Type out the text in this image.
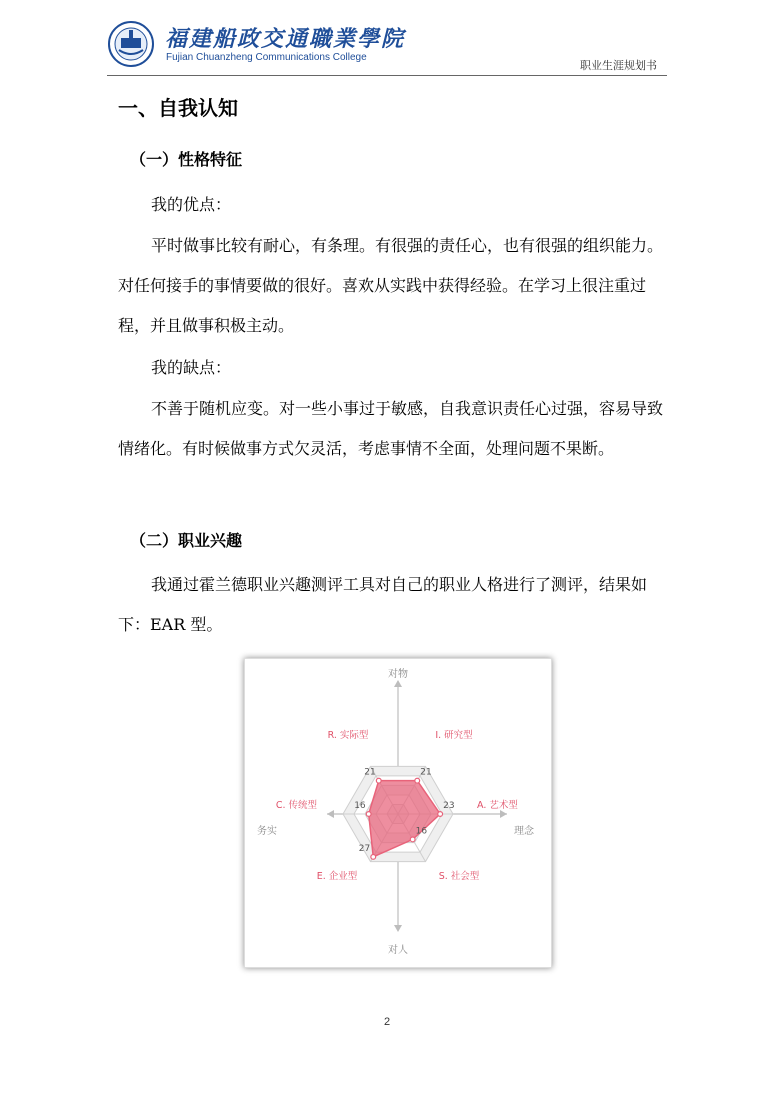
福建船政交通職業學院
Fujian Chuanzheng Communications College
职业生涯规划书
一、自我认知
（一）性格特征

我的优点：

平时做事比较有耐心，有条理。有很强的责任心，也有很强的组织能力。对任何接手的事情要做的很好。喜欢从实践中获得经验。在学习上很注重过程，并且做事积极主动。

我的缺点：

不善于随机应变。对一些小事过于敏感，自我意识责任心过强，容易导致情绪化。有时候做事方式欠灵活，考虑事情不全面，处理问题不果断。

（二）职业兴趣

我通过霍兰德职业兴趣测评工具对自己的职业人格进行了测评，结果如下：EAR 型。

21	21
23
16
27
16
R. 实际型	I. 研究型
A. 艺术型
S. 社会型
E. 企业型
C. 传统型
对物
对人
务实	理念
2
